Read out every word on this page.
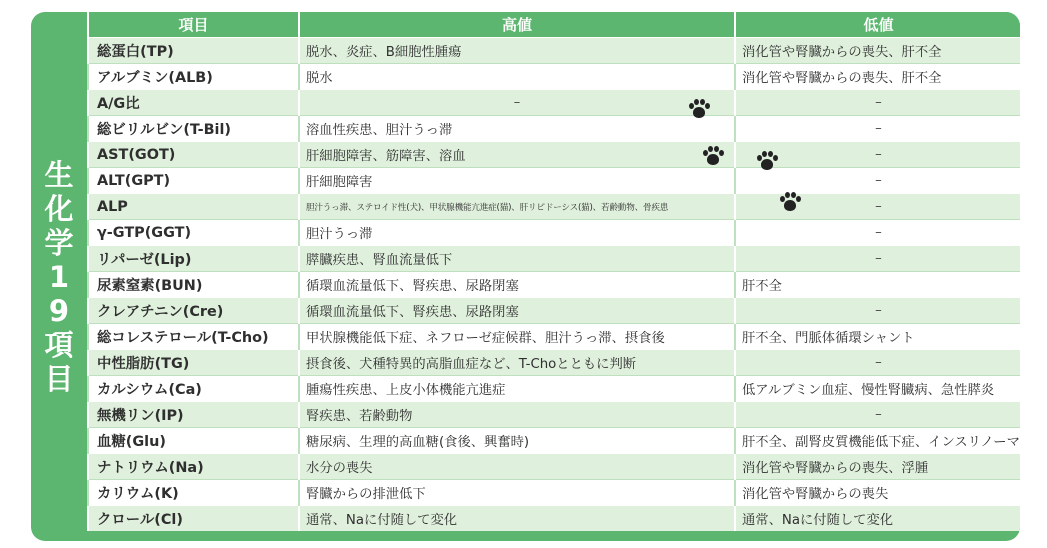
生化学19項目
項目	高値	低値
総蛋白(TP)	脱水、炎症、B細胞性腫瘍	消化管や腎臓からの喪失、肝不全
アルブミン(ALB)	脱水	消化管や腎臓からの喪失、肝不全
A/G比	–	–
総ビリルビン(T-Bil)	溶血性疾患、胆汁うっ滞	–
AST(GOT)	肝細胞障害、筋障害、溶血	–
ALT(GPT)	肝細胞障害	–
ALP	胆汁うっ滞、ステロイド性(犬)、甲状腺機能亢進症(猫)、肝リピドーシス(猫)、若齢動物、骨疾患	–
γ-GTP(GGT)	胆汁うっ滞	–
リパーゼ(Lip)	膵臓疾患、腎血流量低下	–
尿素窒素(BUN)	循環血流量低下、腎疾患、尿路閉塞	肝不全
クレアチニン(Cre)	循環血流量低下、腎疾患、尿路閉塞	–
総コレステロール(T-Cho)	甲状腺機能低下症、ネフローゼ症候群、胆汁うっ滞、摂食後	肝不全、門脈体循環シャント
中性脂肪(TG)	摂食後、犬種特異的高脂血症など、T-Choとともに判断	–
カルシウム(Ca)	腫瘍性疾患、上皮小体機能亢進症	低アルブミン血症、慢性腎臓病、急性膵炎
無機リン(IP)	腎疾患、若齢動物	–
血糖(Glu)	糖尿病、生理的高血糖(食後、興奮時)	肝不全、副腎皮質機能低下症、インスリノーマ
ナトリウム(Na)	水分の喪失	消化管や腎臓からの喪失、浮腫
カリウム(K)	腎臓からの排泄低下	消化管や腎臓からの喪失
クロール(Cl)	通常、Naに付随して変化	通常、Naに付随して変化
